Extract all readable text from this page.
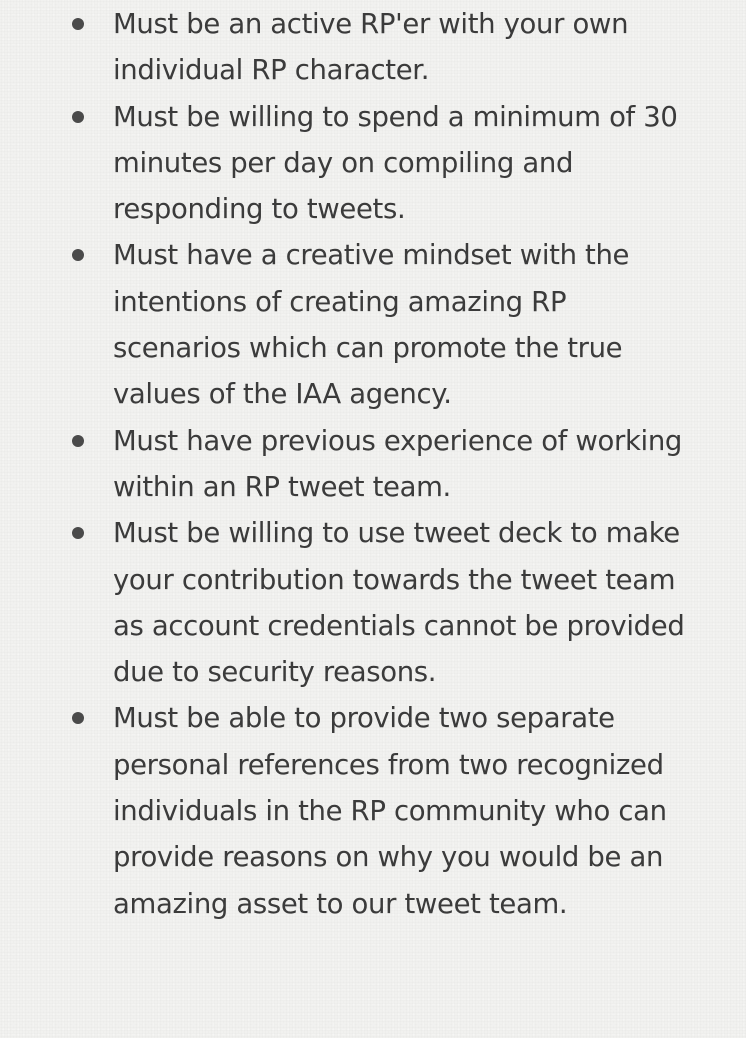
Must be an active RP'er with your own individual RP character.
Must be willing to spend a minimum of 30 minutes per day on compiling and responding to tweets.
Must have a creative mindset with the intentions of creating amazing RP scenarios which can promote the true values of the IAA agency.
Must have previous experience of working within an RP tweet team.
Must be willing to use tweet deck to make your contribution towards the tweet team as account credentials cannot be provided due to security reasons.
Must be able to provide two separate personal references from two recognized individuals in the RP community who can provide reasons on why you would be an amazing asset to our tweet team.
